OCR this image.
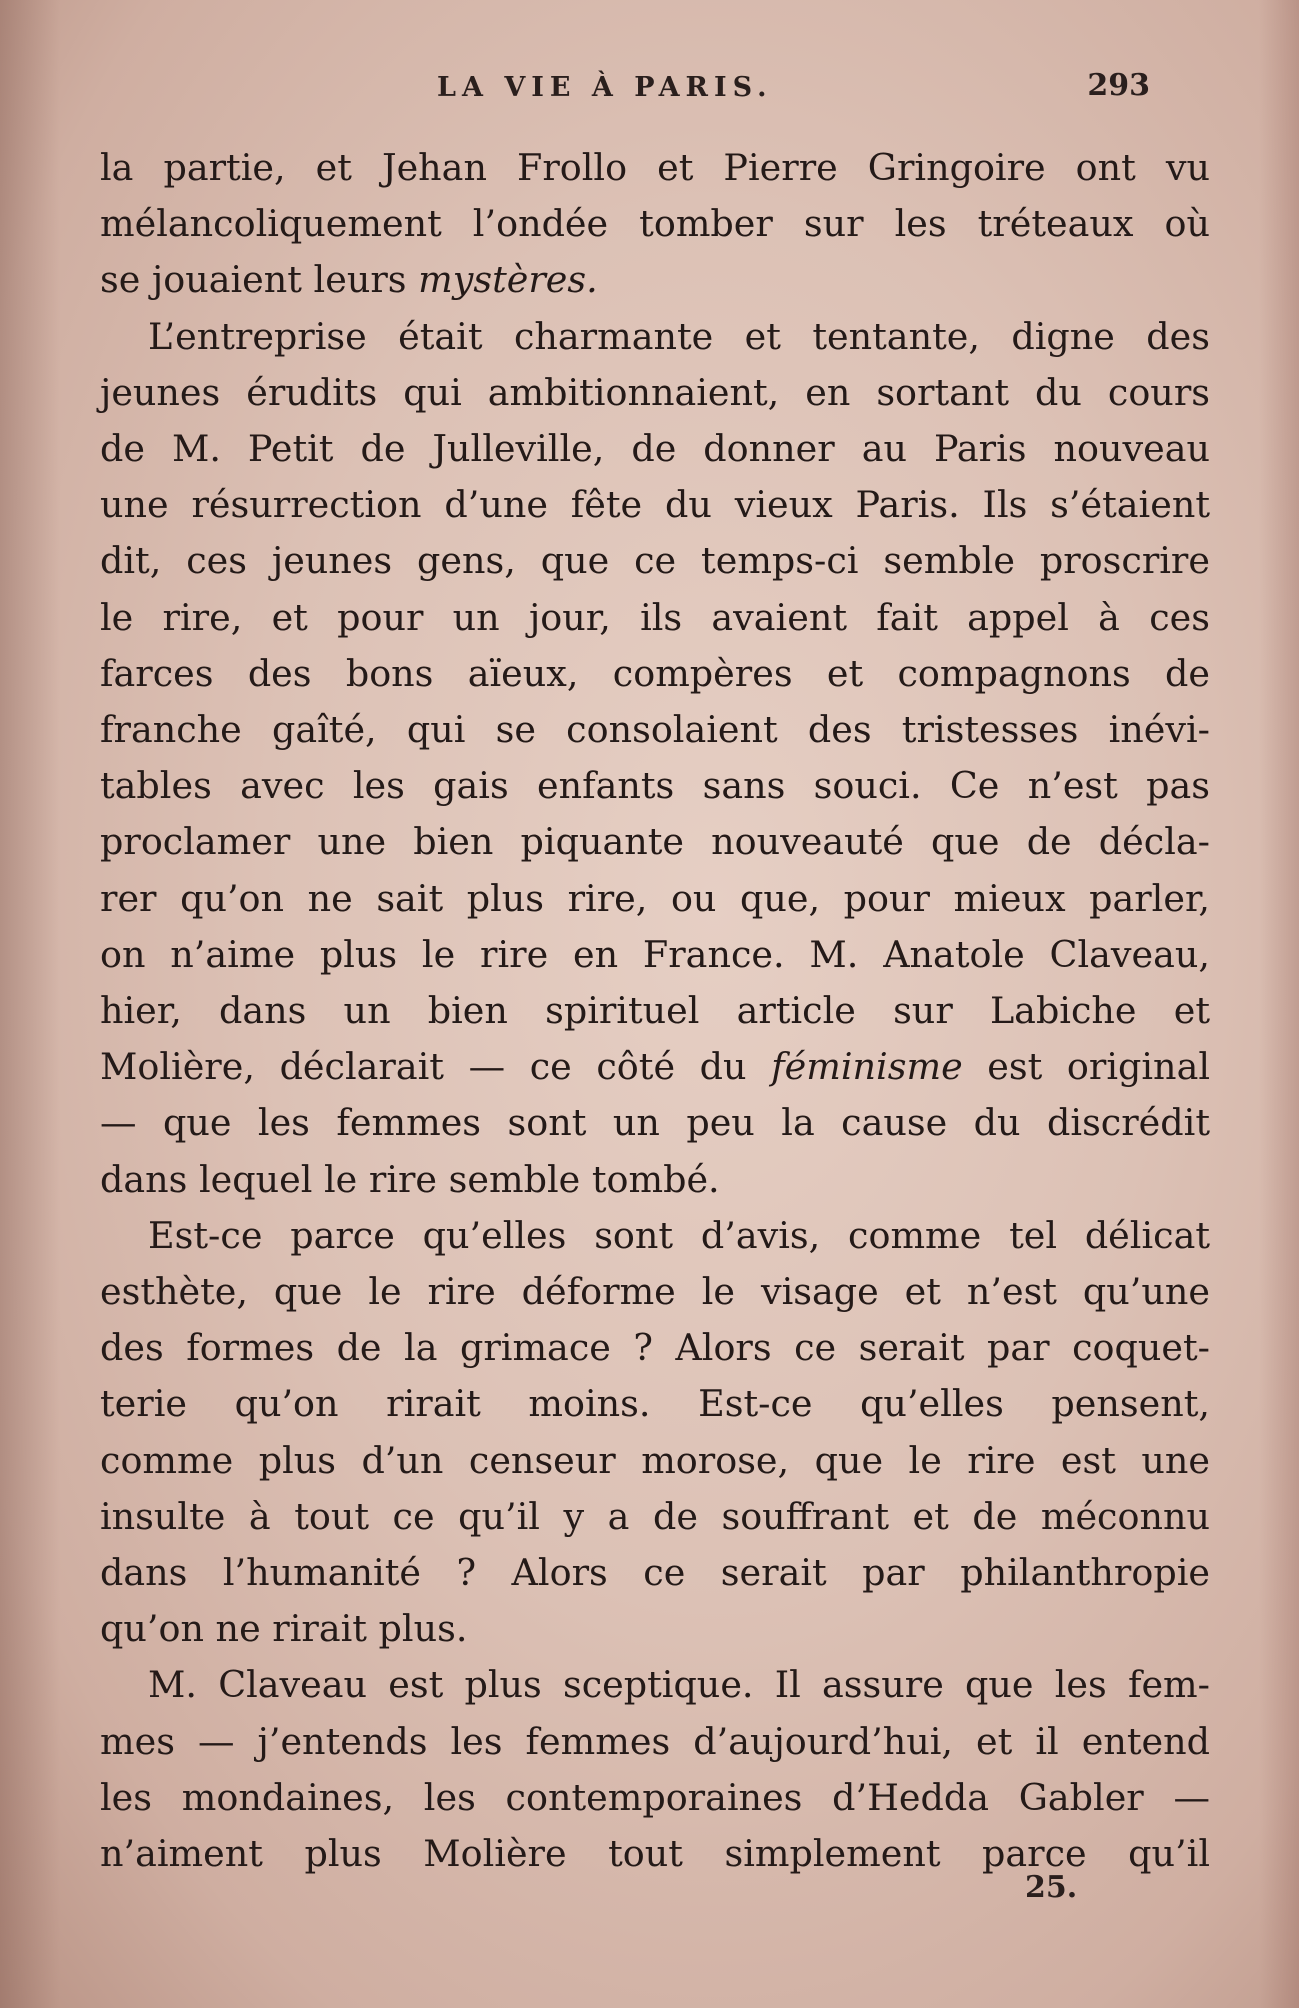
LA VIE À PARIS.	293
la partie, et Jehan Frollo et Pierre Gringoire ont vu
mélancoliquement l’ondée tomber sur les tréteaux où
se jouaient leurs mystères.
L’entreprise était charmante et tentante, digne des
jeunes érudits qui ambitionnaient, en sortant du cours
de M. Petit de Julleville, de donner au Paris nouveau
une résurrection d’une fête du vieux Paris. Ils s’étaient
dit, ces jeunes gens, que ce temps-ci semble proscrire
le rire, et pour un jour, ils avaient fait appel à ces
farces des bons aïeux, compères et compagnons de
franche gaîté, qui se consolaient des tristesses inévi-
tables avec les gais enfants sans souci. Ce n’est pas
proclamer une bien piquante nouveauté que de décla-
rer qu’on ne sait plus rire, ou que, pour mieux parler,
on n’aime plus le rire en France. M. Anatole Claveau,
hier, dans un bien spirituel article sur Labiche et
Molière, déclarait — ce côté du féminisme est original
— que les femmes sont un peu la cause du discrédit
dans lequel le rire semble tombé.
Est-ce parce qu’elles sont d’avis, comme tel délicat
esthète, que le rire déforme le visage et n’est qu’une
des formes de la grimace ? Alors ce serait par coquet-
terie qu’on rirait moins. Est-ce qu’elles pensent,
comme plus d’un censeur morose, que le rire est une
insulte à tout ce qu’il y a de souffrant et de méconnu
dans l’humanité ? Alors ce serait par philanthropie
qu’on ne rirait plus.
M. Claveau est plus sceptique. Il assure que les fem-
mes — j’entends les femmes d’aujourd’hui, et il entend
les mondaines, les contemporaines d’Hedda Gabler —
n’aiment plus Molière tout simplement parce qu’il
25.
